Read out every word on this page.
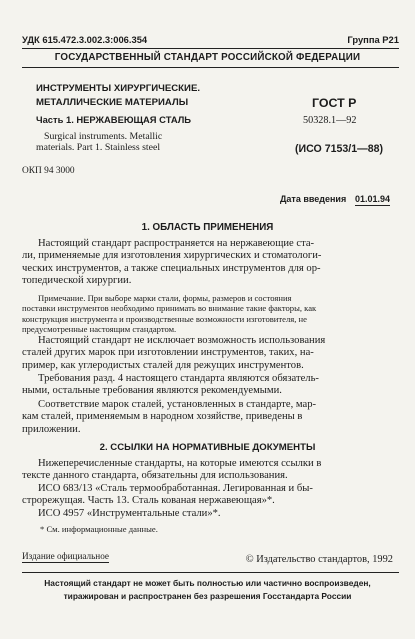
УДК 615.472.3.002.3:006.354	Группа Р21
ГОСУДАРСТВЕННЫЙ СТАНДАРТ РОССИЙСКОЙ ФЕДЕРАЦИИ
ИНСТРУМЕНТЫ ХИРУРГИЧЕСКИЕ.
МЕТАЛЛИЧЕСКИЕ МАТЕРИАЛЫ
Часть 1. НЕРЖАВЕЮЩАЯ СТАЛЬ
Surgical instruments. Metallic
materials. Part 1. Stainless steel
ГОСТ Р
50328.1—92
(ИСО 7153/1—88)
ОКП 94 3000
Дата введения 01.01.94
1. ОБЛАСТЬ ПРИМЕНЕНИЯ
Настоящий стандарт распространяется на нержавеющие ста-
ли, применяемые для изготовления хирургических и стоматологи-
ческих инструментов, а также специальных инструментов для ор-
топедической хирургии.
Примечание. При выборе марки стали, формы, размеров и состояния
поставки инструментов необходимо принимать во внимание такие факторы, как
конструкция инструмента и производственные возможности изготовителя, не
предусмотренные настоящим стандартом.
Настоящий стандарт не исключает возможность использования
сталей других марок при изготовлении инструментов, таких, на-
пример, как углеродистых сталей для режущих инструментов.
Требования разд. 4 настоящего стандарта являются обязатель-
ными, остальные требования являются рекомендуемыми.
Соответствие марок сталей, установленных в стандарте, мар-
кам сталей, применяемым в народном хозяйстве, приведены в
приложении.
2. ССЫЛКИ НА НОРМАТИВНЫЕ ДОКУМЕНТЫ
Нижеперечисленные стандарты, на которые имеются ссылки в
тексте данного стандарта, обязательны для использования.
ИСО 683/13 «Сталь термообработанная. Легированная и бы-
строрежущая. Часть 13. Сталь кованая нержавеющая»*.
ИСО 4957 «Инструментальные стали»*.
* См. информационные данные.
Издание официальное	© Издательство стандартов, 1992
Настоящий стандарт не может быть полностью или частично воспроизведен,
тиражирован и распространен без разрешения Госстандарта России
